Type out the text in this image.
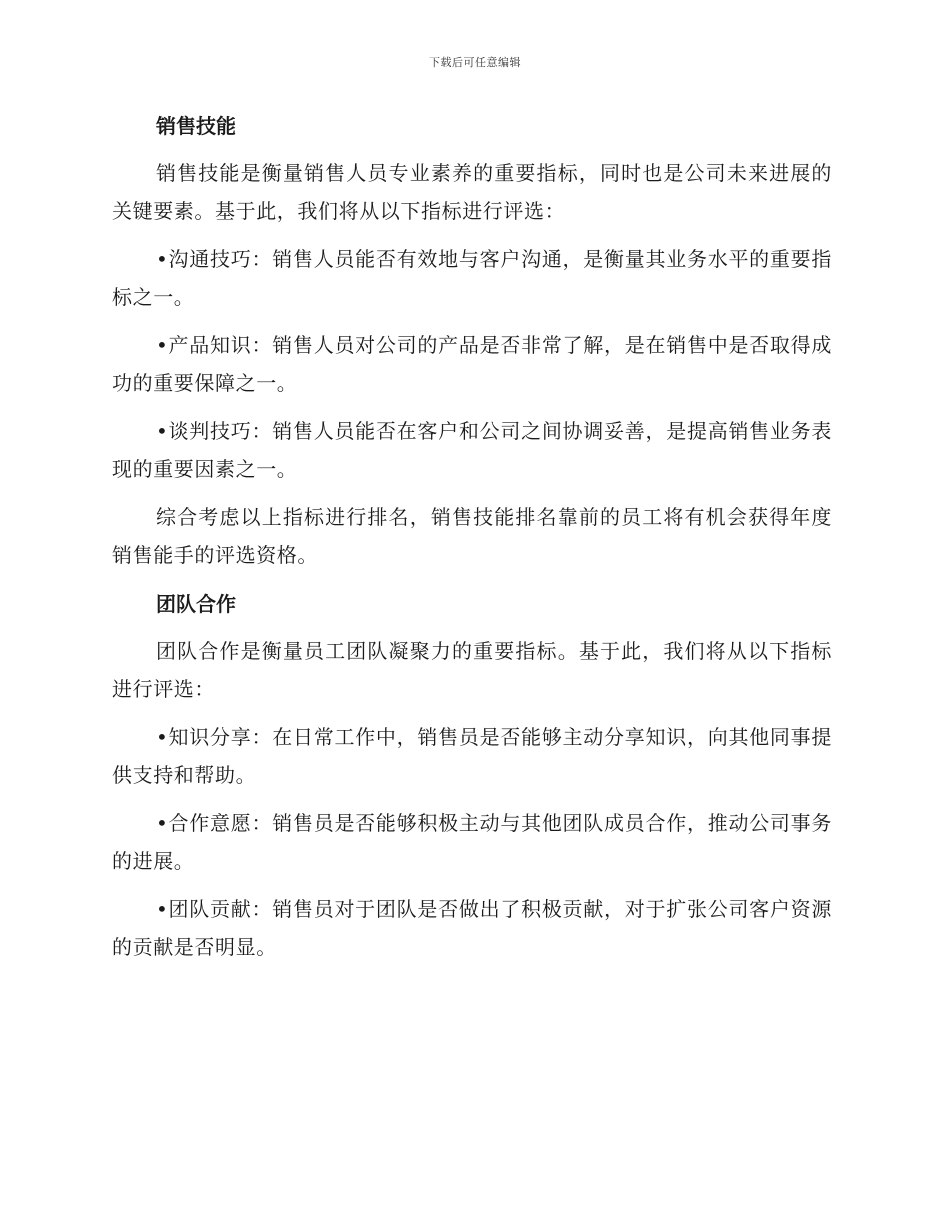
下载后可任意编辑
销售技能

销售技能是衡量销售人员专业素养的重要指标，同时也是公司未来进展的关键要素。基于此，我们将从以下指标进行评选：

•沟通技巧：销售人员能否有效地与客户沟通，是衡量其业务水平的重要指标之一。

•产品知识：销售人员对公司的产品是否非常了解，是在销售中是否取得成功的重要保障之一。

•谈判技巧：销售人员能否在客户和公司之间协调妥善，是提高销售业务表现的重要因素之一。

综合考虑以上指标进行排名，销售技能排名靠前的员工将有机会获得年度销售能手的评选资格。

团队合作

团队合作是衡量员工团队凝聚力的重要指标。基于此，我们将从以下指标进行评选：

•知识分享：在日常工作中，销售员是否能够主动分享知识，向其他同事提供支持和帮助。

•合作意愿：销售员是否能够积极主动与其他团队成员合作，推动公司事务的进展。

•团队贡献：销售员对于团队是否做出了积极贡献，对于扩张公司客户资源的贡献是否明显。
